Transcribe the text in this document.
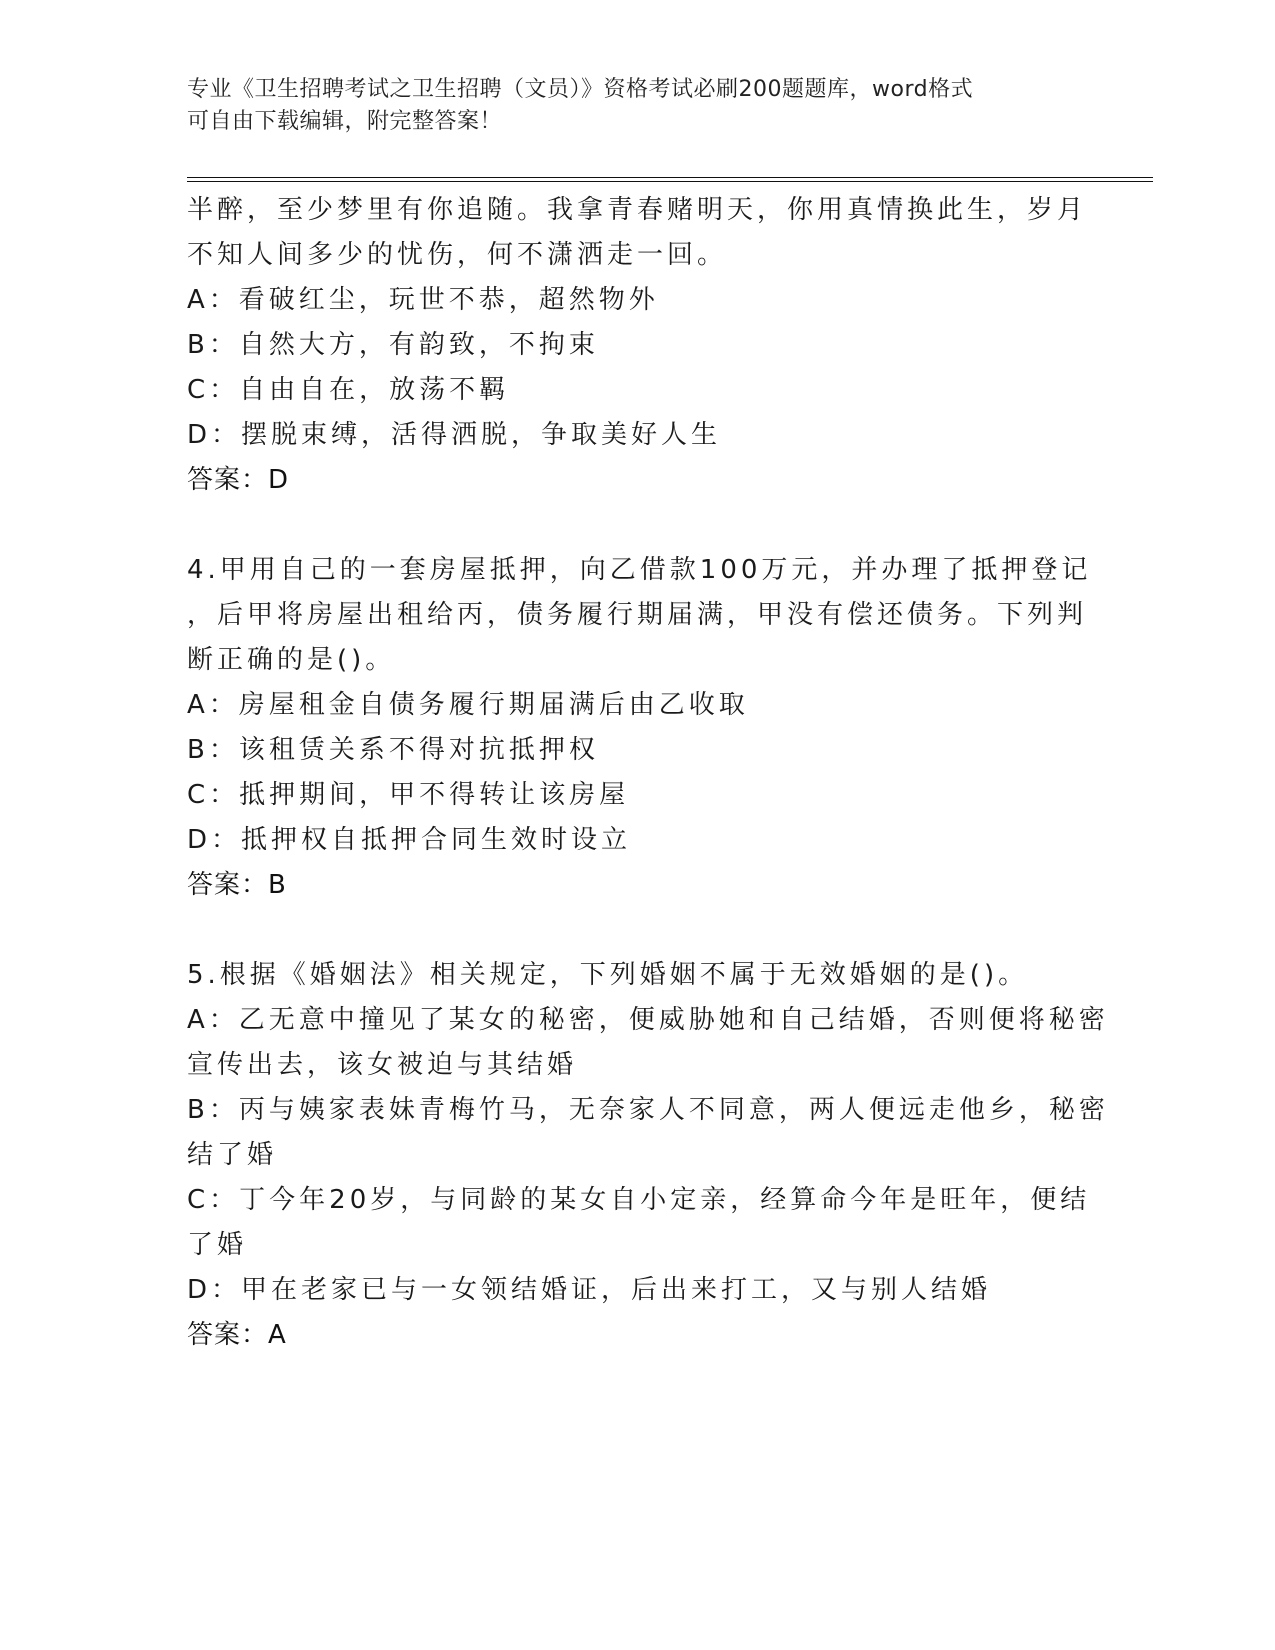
专业《卫生招聘考试之卫生招聘（文员）》资格考试必刷200题题库，word格式
可自由下载编辑，附完整答案！
半醉，至少梦里有你追随。我拿青春赌明天，你用真情换此生，岁月
不知人间多少的忧伤，何不潇洒走一回。
A：看破红尘，玩世不恭，超然物外
B：自然大方，有韵致，不拘束
C：自由自在，放荡不羁
D：摆脱束缚，活得洒脱，争取美好人生
答案：D
4.甲用自己的一套房屋抵押，向乙借款100万元，并办理了抵押登记
，后甲将房屋出租给丙，债务履行期届满，甲没有偿还债务。下列判
断正确的是()。
A：房屋租金自债务履行期届满后由乙收取
B：该租赁关系不得对抗抵押权
C：抵押期间，甲不得转让该房屋
D：抵押权自抵押合同生效时设立
答案：B
5.根据《婚姻法》相关规定，下列婚姻不属于无效婚姻的是()。
A：乙无意中撞见了某女的秘密，便威胁她和自己结婚，否则便将秘密
宣传出去，该女被迫与其结婚
B：丙与姨家表妹青梅竹马，无奈家人不同意，两人便远走他乡，秘密
结了婚
C：丁今年20岁，与同龄的某女自小定亲，经算命今年是旺年，便结
了婚
D：甲在老家已与一女领结婚证，后出来打工，又与别人结婚
答案：A
